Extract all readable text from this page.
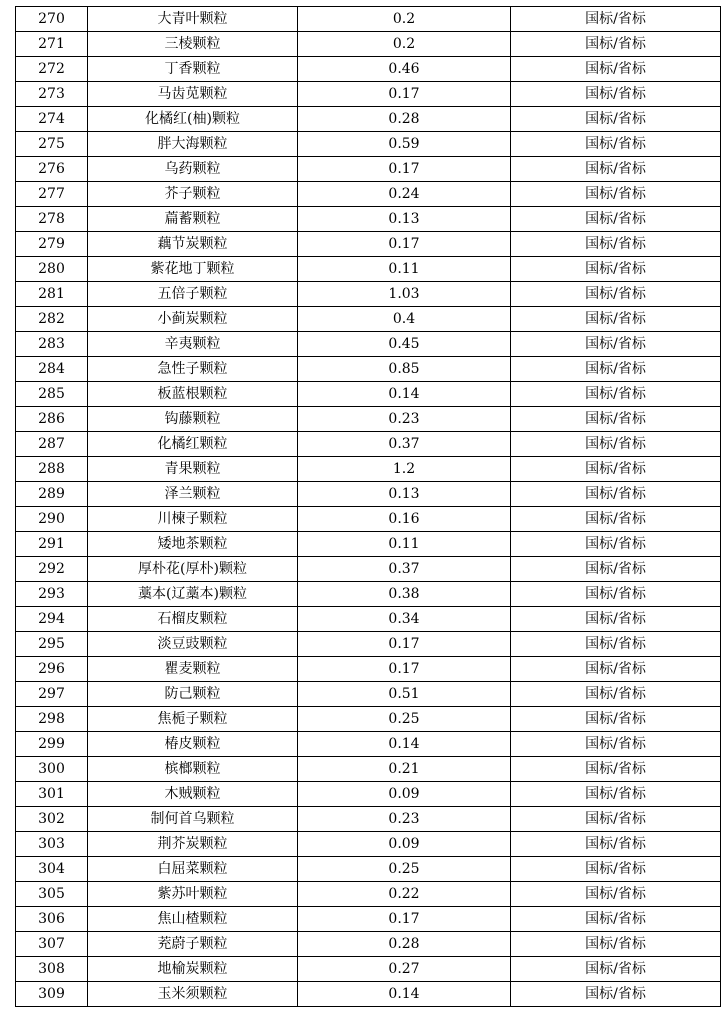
270	大青叶颗粒	0.2	国标/省标
271	三棱颗粒	0.2	国标/省标
272	丁香颗粒	0.46	国标/省标
273	马齿苋颗粒	0.17	国标/省标
274	化橘红(柚)颗粒	0.28	国标/省标
275	胖大海颗粒	0.59	国标/省标
276	乌药颗粒	0.17	国标/省标
277	芥子颗粒	0.24	国标/省标
278	萹蓄颗粒	0.13	国标/省标
279	藕节炭颗粒	0.17	国标/省标
280	紫花地丁颗粒	0.11	国标/省标
281	五倍子颗粒	1.03	国标/省标
282	小蓟炭颗粒	0.4	国标/省标
283	辛夷颗粒	0.45	国标/省标
284	急性子颗粒	0.85	国标/省标
285	板蓝根颗粒	0.14	国标/省标
286	钩藤颗粒	0.23	国标/省标
287	化橘红颗粒	0.37	国标/省标
288	青果颗粒	1.2	国标/省标
289	泽兰颗粒	0.13	国标/省标
290	川楝子颗粒	0.16	国标/省标
291	矮地茶颗粒	0.11	国标/省标
292	厚朴花(厚朴)颗粒	0.37	国标/省标
293	藁本(辽藁本)颗粒	0.38	国标/省标
294	石榴皮颗粒	0.34	国标/省标
295	淡豆豉颗粒	0.17	国标/省标
296	瞿麦颗粒	0.17	国标/省标
297	防己颗粒	0.51	国标/省标
298	焦栀子颗粒	0.25	国标/省标
299	椿皮颗粒	0.14	国标/省标
300	槟榔颗粒	0.21	国标/省标
301	木贼颗粒	0.09	国标/省标
302	制何首乌颗粒	0.23	国标/省标
303	荆芥炭颗粒	0.09	国标/省标
304	白屈菜颗粒	0.25	国标/省标
305	紫苏叶颗粒	0.22	国标/省标
306	焦山楂颗粒	0.17	国标/省标
307	茺蔚子颗粒	0.28	国标/省标
308	地榆炭颗粒	0.27	国标/省标
309	玉米须颗粒	0.14	国标/省标
